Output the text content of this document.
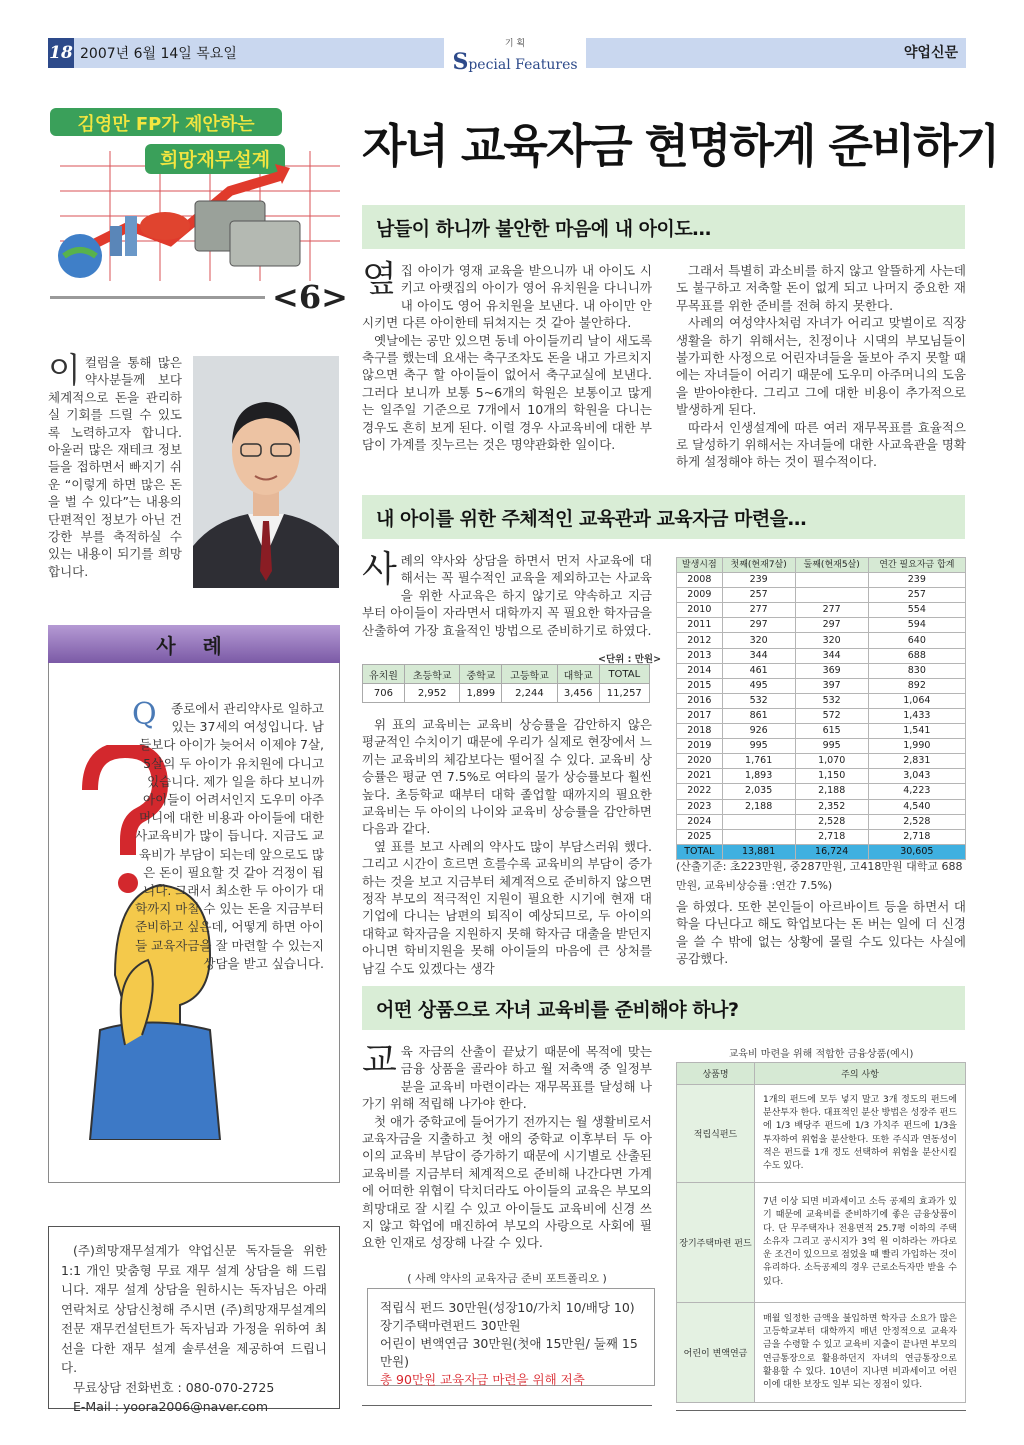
18 2007년 6월 14일 목요일
기 획
Special Features
약업신문
김영만 FP가 제안하는
희망재무설계
<6>
이 컬럼을 통해 많은 약사분들께 보다 체계적으로 돈을 관리하실 기회를 드릴 수 있도록 노력하고자 합니다. 아울러 많은 재테크 정보들을 접하면서 빠지기 쉬운 “이렇게 하면 많은 돈을 벌 수 있다”는 내용의 단편적인 정보가 아닌 건강한 부를 축적하실 수 있는 내용이 되기를 희망합니다.
사 례
Q 종로에서 관리약사로 일하고 있는 37세의 여성입니다. 남들보다 아이가 늦어서 이제야 7살, 5살의 두 아이가 유치원에 다니고 있습니다. 제가 일을 하다 보니까 아이들이 어려서인지 도우미 아주머니에 대한 비용과 아이들에 대한 사교육비가 많이 듭니다. 지금도 교육비가 부담이 되는데 앞으로도 많은 돈이 필요할 것 같아 걱정이 됩니다. 그래서 최소한 두 아이가 대학까지 마칠 수 있는 돈을 지금부터 준비하고 싶은데, 어떻게 하면 아이들 교육자금을 잘 마련할 수 있는지 상담을 받고 싶습니다.
(주)희망재무설계가 약업신문 독자들을 위한 1:1 개인 맞춤형 무료 재무 설계 상담을 해 드립니다. 재무 설계 상담을 원하시는 독자님은 아래 연락처로 상담신청해 주시면 (주)희망재무설계의 전문 재무컨설턴트가 독자님과 가정을 위하여 최선을 다한 재무 설계 솔루션을 제공하여 드립니다.
무료상담 전화번호 : 080-070-2725
E-Mail : yoora2006@naver.com
자녀 교육자금 현명하게 준비하기
남들이 하니까 불안한 마음에 내 아이도…
옆 집 아이가 영재 교육을 받으니까 내 아이도 시키고 아랫집의 아이가 영어 유치원을 다니니까 내 아이도 영어 유치원을 보낸다. 내 아이만 안 시키면 다른 아이한테 뒤쳐지는 것 같아 불안하다.
옛날에는 공만 있으면 동네 아이들끼리 날이 새도록 축구를 했는데 요새는 축구조차도 돈을 내고 가르치지 않으면 축구 할 아이들이 없어서 축구교실에 보낸다. 그러다 보니까 보통 5~6개의 학원은 보통이고 많게는 일주일 기준으로 7개에서 10개의 학원을 다니는 경우도 흔히 보게 된다. 이럴 경우 사교육비에 대한 부담이 가계를 짓누르는 것은 명약관화한 일이다.
그래서 특별히 과소비를 하지 않고 알뜰하게 사는데도 불구하고 저축할 돈이 없게 되고 나머지 중요한 재무목표를 위한 준비를 전혀 하지 못한다.
사례의 여성약사처럼 자녀가 어리고 맞벌이로 직장생활을 하기 위해서는, 친정이나 시댁의 부모님들이 불가피한 사정으로 어린자녀들을 돌보아 주지 못할 때에는 자녀들이 어리기 때문에 도우미 아주머니의 도움을 받아야한다. 그리고 그에 대한 비용이 추가적으로 발생하게 된다.
따라서 인생설계에 따른 여러 재무목표를 효율적으로 달성하기 위해서는 자녀들에 대한 사교육관을 명확하게 설정해야 하는 것이 필수적이다.
내 아이를 위한 주체적인 교육관과 교육자금 마련을…
사 례의 약사와 상담을 하면서 먼저 사교육에 대해서는 꼭 필수적인 교육을 제외하고는 사교육을 위한 사교육은 하지 않기로 약속하고 지금부터 아이들이 자라면서 대학까지 꼭 필요한 학자금을 산출하여 가장 효율적인 방법으로 준비하기로 하였다.
<단위 : 만원>
유치원	초등학교	중학교	고등학교	대학교	TOTAL
706	2,952	1,899	2,244	3,456	11,257
위 표의 교육비는 교육비 상승률을 감안하지 않은 평균적인 수치이기 때문에 우리가 실제로 현장에서 느끼는 교육비의 체감보다는 떨어질 수 있다. 교육비 상승률은 평균 연 7.5%로 여타의 물가 상승률보다 훨씬 높다. 초등학교 때부터 대학 졸업할 때까지의 필요한 교육비는 두 아이의 나이와 교육비 상승률을 감안하면 다음과 같다.
옆 표를 보고 사례의 약사도 많이 부담스러워 했다. 그리고 시간이 흐르면 흐를수록 교육비의 부담이 증가하는 것을 보고 지금부터 체계적으로 준비하지 않으면 정작 부모의 적극적인 지원이 필요한 시기에 현재 대기업에 다니는 남편의 퇴직이 예상되므로, 두 아이의 대학교 학자금을 지원하지 못해 학자금 대출을 받던지 아니면 학비지원을 못해 아이들의 마음에 큰 상처를 남길 수도 있겠다는 생각
발생시점	첫째(현재7살)	둘째(현재5살)	연간 필요자금 합계
2008	239		239
2009	257		257
2010	277	277	554
2011	297	297	594
2012	320	320	640
2013	344	344	688
2014	461	369	830
2015	495	397	892
2016	532	532	1,064
2017	861	572	1,433
2018	926	615	1,541
2019	995	995	1,990
2020	1,761	1,070	2,831
2021	1,893	1,150	3,043
2022	2,035	2,188	4,223
2023	2,188	2,352	4,540
2024		2,528	2,528
2025		2,718	2,718
TOTAL	13,881	16,724	30,605
(산출기준: 초223만원, 중287만원, 고418만원 대학교 688만원, 교육비상승률 :연간 7.5%)
을 하였다. 또한 본인들이 아르바이트 등을 하면서 대학을 다닌다고 해도 학업보다는 돈 버는 일에 더 신경을 쓸 수 밖에 없는 상황에 몰릴 수도 있다는 사실에 공감했다.
어떤 상품으로 자녀 교육비를 준비해야 하나?
교 육 자금의 산출이 끝났기 때문에 목적에 맞는 금융 상품을 골라야 하고 월 저축액 중 일정부분을 교육비 마련이라는 재무목표를 달성해 나가기 위해 적립해 나가야 한다.
첫 애가 중학교에 들어가기 전까지는 월 생활비로서 교육자금을 지출하고 첫 애의 중학교 이후부터 두 아이의 교육비 부담이 증가하기 때문에 시기별로 산출된 교육비를 지금부터 체계적으로 준비해 나간다면 가계에 어떠한 위협이 닥치더라도 아이들의 교육은 부모의 희망대로 잘 시킬 수 있고 아이들도 교육비에 신경 쓰지 않고 학업에 매진하여 부모의 사랑으로 사회에 필요한 인재로 성장해 나갈 수 있다.
( 사례 약사의 교육자금 준비 포트폴리오 )
적립식 펀드 30만원(성장10/가치 10/배당 10)
장기주택마련펀드 30만원
어린이 변액연금 30만원(첫애 15만원/ 둘째 15만원)
총 90만원 교육자금 마련을 위해 저축
교육비 마련을 위해 적합한 금융상품(예시)
상품명	주의 사항
적립식펀드	1개의 펀드에 모두 넣지 말고 3개 정도의 펀드에 분산투자 한다. 대표적인 분산 방법은 성장주 펀드에 1/3 배당주 펀드에 1/3 가치주 펀드에 1/3을 투자하여 위험을 분산한다. 또한 주식과 연동성이 적은 펀드를 1개 정도 선택하여 위험을 분산시킬 수도 있다.
장기주택마련 펀드	7년 이상 되면 비과세이고 소득 공제의 효과가 있기 때문에 교육비를 준비하기에 좋은 금융상품이다. 단 무주택자나 전용면적 25.7평 이하의 주택소유자 그리고 공시지가 3억 원 이하라는 까다로운 조건이 있으므로 점었을 때 빨리 가입하는 것이 유리하다. 소득공제의 경우 근로소득자만 받을 수 있다.
어린이 변액연금	매월 일정한 금액을 불입하면 학자금 소요가 많은 고등학교부터 대학까지 매년 안정적으로 교육자금을 수령할 수 있고 교육비 지출이 끝나면 부모의 연금통장으로 활용하던지 자녀의 연금통장으로 활용할 수 있다. 10년이 지나면 비과세이고 어린이에 대한 보장도 일부 되는 징점이 있다.
